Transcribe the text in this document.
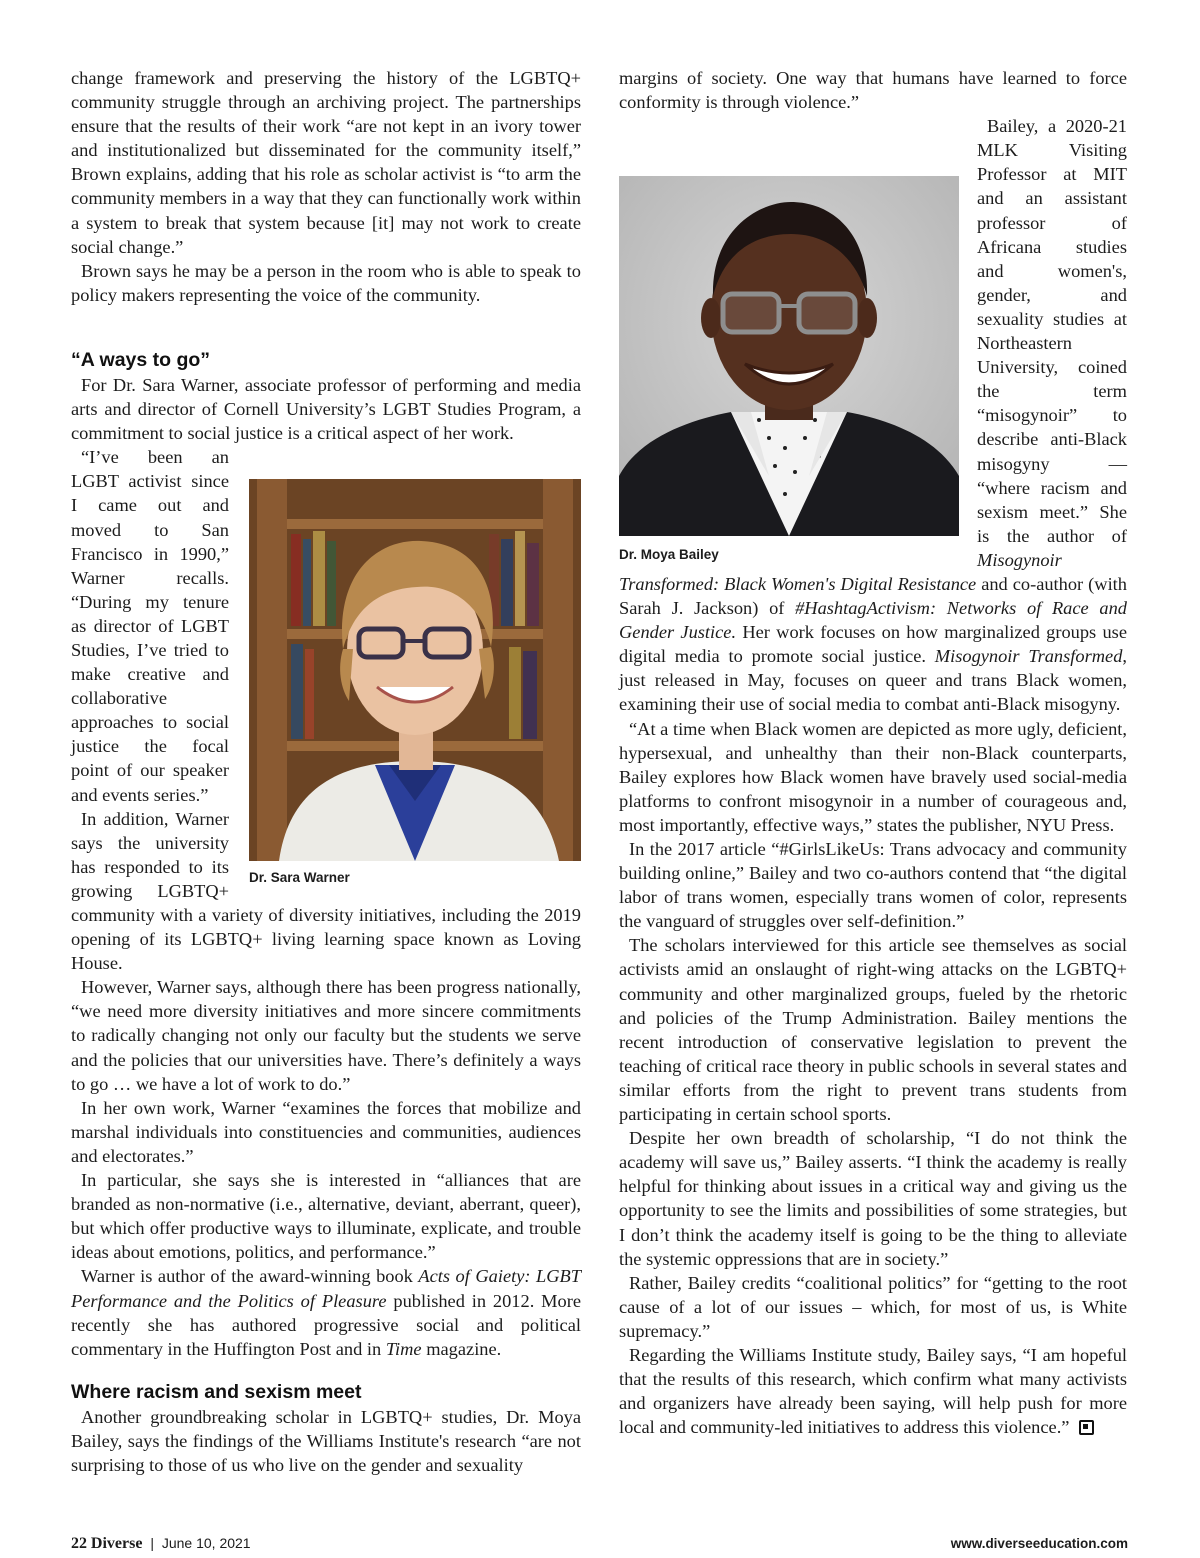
change framework and preserving the history of the LGBTQ+ community struggle through an archiving project. The partnerships ensure that the results of their work “are not kept in an ivory tower and institutionalized but disseminated for the community itself,” Brown explains, adding that his role as scholar activist is “to arm the community members in a way that they can functionally work within a system to break that system because [it] may not work to create social change.”

Brown says he may be a person in the room who is able to speak to policy makers representing the voice of the community.

“A ways to go”

For Dr. Sara Warner, associate professor of performing and media arts and director of Cornell University’s LGBT Studies Program, a commitment to social justice is a critical aspect of her work.

Dr. Sara Warner

“I’ve been an LGBT activist since I came out and moved to San Francisco in 1990,” Warner recalls. “During my tenure as director of LGBT Studies, I’ve tried to make creative and collaborative approaches to social justice the focal point of our speaker and events series.”

In addition, Warner says the university has responded to its growing LGBTQ+ community with a variety of diversity initiatives, including the 2019 opening of its LGBTQ+ living learning space known as Loving House.

However, Warner says, although there has been progress nationally, “we need more diversity initiatives and more sincere commitments to radically changing not only our faculty but the students we serve and the policies that our universities have. There’s definitely a ways to go … we have a lot of work to do.”

In her own work, Warner “examines the forces that mobilize and marshal individuals into constituencies and communities, audiences and electorates.”

In particular, she says she is interested in “alliances that are branded as non-normative (i.e., alternative, deviant, aberrant, queer), but which offer productive ways to illuminate, explicate, and trouble ideas about emotions, politics, and performance.”

Warner is author of the award-winning book Acts of Gaiety: LGBT Performance and the Politics of Pleasure published in 2012. More recently she has authored progressive social and political commentary in the Huffington Post and in Time magazine.

Where racism and sexism meet

Another groundbreaking scholar in LGBTQ+ studies, Dr. Moya Bailey, says the findings of the Williams Institute's research “are not surprising to those of us who live on the gender and sexuality

margins of society. One way that humans have learned to force conformity is through violence.”

Dr. Moya Bailey

Bailey, a 2020-21 MLK Visiting Professor at MIT and an assistant professor of Africana studies and women's, gender, and sexuality studies at Northeastern University, coined the term “misogynoir” to describe anti-Black misogyny — “where racism and sexism meet.” She is the author of Misogynoir Transformed: Black Women's Digital Resistance and co-author (with Sarah J. Jackson) of #HashtagActivism: Networks of Race and Gender Justice. Her work focuses on how marginalized groups use digital media to promote social justice. Misogynoir Transformed, just released in May, focuses on queer and trans Black women, examining their use of social media to combat anti-Black misogyny.

“At a time when Black women are depicted as more ugly, deficient, hypersexual, and unhealthy than their non-Black counterparts, Bailey explores how Black women have bravely used social-media platforms to confront misogynoir in a number of courageous and, most importantly, effective ways,” states the publisher, NYU Press.

In the 2017 article “#GirlsLikeUs: Trans advocacy and community building online,” Bailey and two co-authors contend that “the digital labor of trans women, especially trans women of color, represents the vanguard of struggles over self-definition.”

The scholars interviewed for this article see themselves as social activists amid an onslaught of right-wing attacks on the LGBTQ+ community and other marginalized groups, fueled by the rhetoric and policies of the Trump Administration. Bailey mentions the recent introduction of conservative legislation to prevent the teaching of critical race theory in public schools in several states and similar efforts from the right to prevent trans students from participating in certain school sports.

Despite her own breadth of scholarship, “I do not think the academy will save us,” Bailey asserts. “I think the academy is really helpful for thinking about issues in a critical way and giving us the opportunity to see the limits and possibilities of some strategies, but I don’t think the academy itself is going to be the thing to alleviate the systemic oppressions that are in society.”

Rather, Bailey credits “coalitional politics” for “getting to the root cause of a lot of our issues – which, for most of us, is White supremacy.”

Regarding the Williams Institute study, Bailey says, “I am hopeful that the results of this research, which confirm what many activists and organizers have already been saying, will help push for more local and community-led initiatives to address this violence.”

22 Diverse | June 10, 2021	www.diverseeducation.com
